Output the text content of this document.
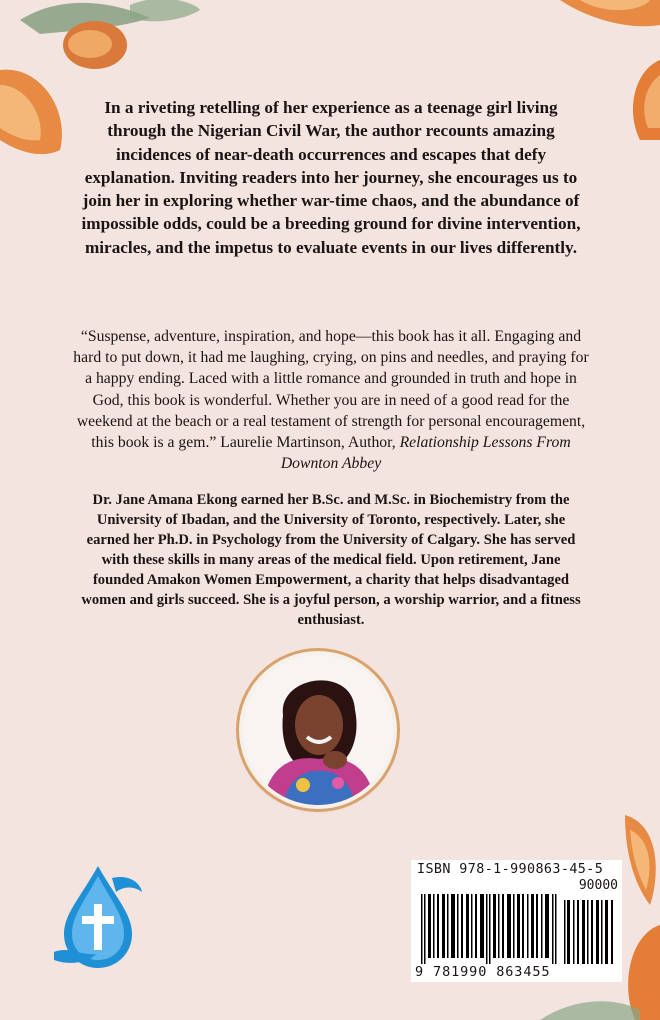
In a riveting retelling of her experience as a teenage girl living through the Nigerian Civil War, the author recounts amazing incidences of near-death occurrences and escapes that defy explanation. Inviting readers into her journey, she encourages us to join her in exploring whether war-time chaos, and the abundance of impossible odds, could be a breeding ground for divine intervention, miracles, and the impetus to evaluate events in our lives differently.

“Suspense, adventure, inspiration, and hope—this book has it all. Engaging and hard to put down, it had me laughing, crying, on pins and needles, and praying for a happy ending. Laced with a little romance and grounded in truth and hope in God, this book is wonderful. Whether you are in need of a good read for the weekend at the beach or a real testament of strength for personal encouragement, this book is a gem.” Laurelie Martinson, Author, Relationship Lessons From Downton Abbey

Dr. Jane Amana Ekong earned her B.Sc. and M.Sc. in Biochemistry from the University of Ibadan, and the University of Toronto, respectively. Later, she earned her Ph.D. in Psychology from the University of Calgary. She has served with these skills in many areas of the medical field. Upon retirement, Jane founded Amakon Women Empowerment, a charity that helps disadvantaged women and girls succeed. She is a joyful person, a worship warrior, and a fitness enthusiast.

ISBN 978-1-990863-45-5
90000
9 781990 863455
